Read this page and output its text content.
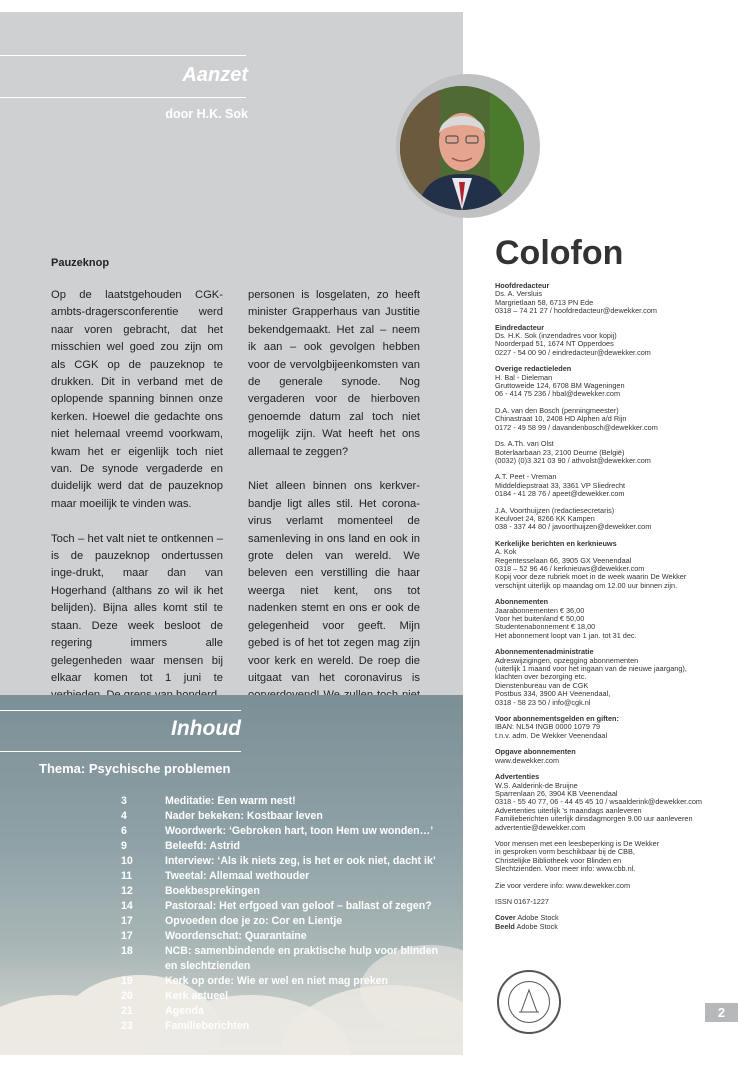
Aanzet
door H.K. Sok
Pauzeknop

Op de laatstgehouden CGK-ambts-dragersconferentie werd naar voren gebracht, dat het misschien wel goed zou zijn om als CGK op de pauzeknop te drukken. Dit in verband met de oplopende spanning binnen onze kerken. Hoewel die gedachte ons niet helemaal vreemd voorkwam, kwam het er eigenlijk toch niet van. De synode vergaderde en duidelijk werd dat de pauzeknop maar moeilijk te vinden was.

Toch – het valt niet te ontkennen – is de pauzeknop ondertussen inge-drukt, maar dan van Hogerhand (althans zo wil ik het belijden). Bijna alles komt stil te staan. Deze week besloot de regering immers alle gelegenheden waar mensen bij elkaar komen tot 1 juni te

personen is losgelaten, zo heeft minister Grapperhaus van Justitie bekendgemaakt. Het zal – neem ik aan – ook gevolgen hebben voor de vervolgbijeenkomsten van de generale synode. Nog vergaderen voor de hierboven genoemde datum zal toch niet mogelijk zijn. Wat heeft het ons allemaal te zeggen?

Niet alleen binnen ons kerkver-bandje ligt alles stil. Het corona-virus verlamt momenteel de samenleving in ons land en ook in grote delen van wereld. We beleven een verstilling die haar weerga niet kent, ons tot nadenken stemt en ons er ook de gelegenheid voor geeft. Mijn gebed is of het tot zegen mag zijn voor kerk en wereld. De roep die uitgaat van het coronavirus is

Inhoud
Thema: Psychische problemen
3	Meditatie: Een warm nest!
4	Nader bekeken: Kostbaar leven
6	Woordwerk: ‘Gebroken hart, toon Hem uw wonden…’
9	Beleefd: Astrid
10	Interview: ‘Als ik niets zeg, is het er ook niet, dacht ik’
11	Tweetal: Allemaal wethouder
12	Boekbesprekingen
14	Pastoraal: Het erfgoed van geloof – ballast of zegen?
17	Opvoeden doe je zo: Cor en Lientje
17	Woordenschat: Quarantaine
18	NCB: samenbindende en praktische hulp voor blinden
en slechtzienden
19	Kerk op orde: Wie er wel en niet mag preken
20	Kerk actueel
21	Agenda
23	Familieberichten
Colofon
Hoofdredacteur
Ds. A. Versluis
Margrietlaan 58, 6713 PN Ede
0318 – 74 21 27 / hoofdredacteur@dewekker.com
Eindredacteur
Ds. H.K. Sok (inzendadres voor kopij)
Noorderpad 51, 1674 NT Opperdoes
0227 - 54 00 90 / eindredacteur@dewekker.com
Overige redactieleden
H. Bal - Dieleman
Gruttoweide 124, 6708 BM Wageningen
06 - 414 75 236 / hbal@dewekker.com
D.A. van den Bosch (penningmeester)
Chinastraat 10, 2408 HD Alphen a/d Rijn
0172 - 49 58 99 / davandenbosch@dewekker.com
Ds. A.Th. van Olst
Boterlaarbaan 23, 2100 Deurne (België)
(0032) (0)3 321 03 90 / athvolst@dewekker.com
A.T. Peet - Vreman
Middeldiepstraat 33, 3361 VP Sliedrecht
0184 - 41 28 76 / apeet@dewekker.com
J.A. Voorthuijzen (redactiesecretaris)
Keulvoet 24, 8266 KK Kampen
038 - 337 44 80 / javoorthuijzen@dewekker.com
Kerkelijke berichten en kerknieuws
A. Kok
Regentesselaan 66, 3905 GX Veenendaal
0318 – 52 96 46 / kerknieuws@dewekker.com
Kopij voor deze rubriek moet in de week waarin De Wekker
verschijnt uiterlijk op maandag om 12.00 uur binnen zijn.
Abonnementen
Jaarabonnementen € 36,00
Voor het buitenland € 50,00
Studentenabonnement € 18,00
Het abonnement loopt van 1 jan. tot 31 dec.
Abonnementenadministratie
Adreswijzigingen, opzegging abonnementen
(uiterlijk 1 maand voor het ingaan van de nieuwe jaargang),
klachten over bezorging etc.
Dienstenbureau van de CGK
Postbus 334, 3900 AH Veenendaal,
0318 - 58 23 50 / info@cgk.nl
Voor abonnementsgelden en giften:
IBAN: NL54 INGB 0000 1079 79
t.n.v. adm. De Wekker Veenendaal
Opgave abonnementen
www.dewekker.com
Advertenties
W.S. Aalderink-de Bruijne
Sparrenlaan 26, 3904 KB Veenendaal
0318 - 55 40 77, 06 - 44 45 45 10 / wsaalderink@dewekker.com
Advertenties uiterlijk 's maandags aanleveren
Familieberichten uiterlijk dinsdagmorgen 9.00 uur aanleveren
advertentie@dewekker.com
Voor mensen met een leesbeperking is De Wekker
in gesproken vorm beschikbaar bij de CBB,
Christelijke Bibliotheek voor Blinden en
Slechtzienden. Voor meer info: www.cbb.nl.
Zie voor verdere info: www.dewekker.com
ISSN 0167-1227
Cover Adobe Stock
Beeld Adobe Stock
2
